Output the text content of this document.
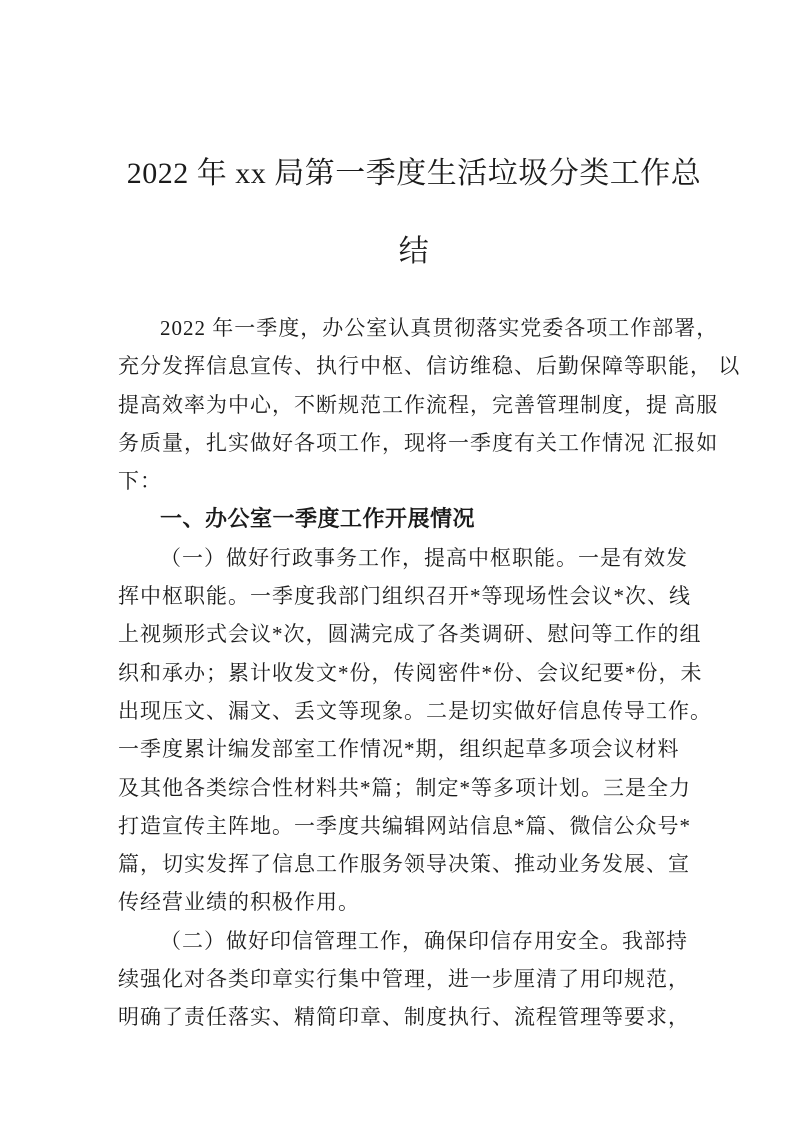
2022 年 xx 局第一季度生活垃圾分类工作总
结
2022 年一季度，办公室认真贯彻落实党委各项工作部署，
充分发挥信息宣传、执行中枢、信访维稳、后勤保障等职能， 以
提高效率为中心，不断规范工作流程，完善管理制度，提 高服
务质量，扎实做好各项工作，现将一季度有关工作情况 汇报如
下：
一、办公室一季度工作开展情况
（一）做好行政事务工作，提高中枢职能。一是有效发
挥中枢职能。一季度我部门组织召开*等现场性会议*次、线
上视频形式会议*次，圆满完成了各类调研、慰问等工作的组
织和承办；累计收发文*份，传阅密件*份、会议纪要*份，未
出现压文、漏文、丢文等现象。二是切实做好信息传导工作。
一季度累计编发部室工作情况*期，组织起草多项会议材料
及其他各类综合性材料共*篇；制定*等多项计划。三是全力
打造宣传主阵地。一季度共编辑网站信息*篇、微信公众号*
篇，切实发挥了信息工作服务领导决策、推动业务发展、宣
传经营业绩的积极作用。
（二）做好印信管理工作，确保印信存用安全。我部持
续强化对各类印章实行集中管理，进一步厘清了用印规范，
明确了责任落实、精简印章、制度执行、流程管理等要求，
